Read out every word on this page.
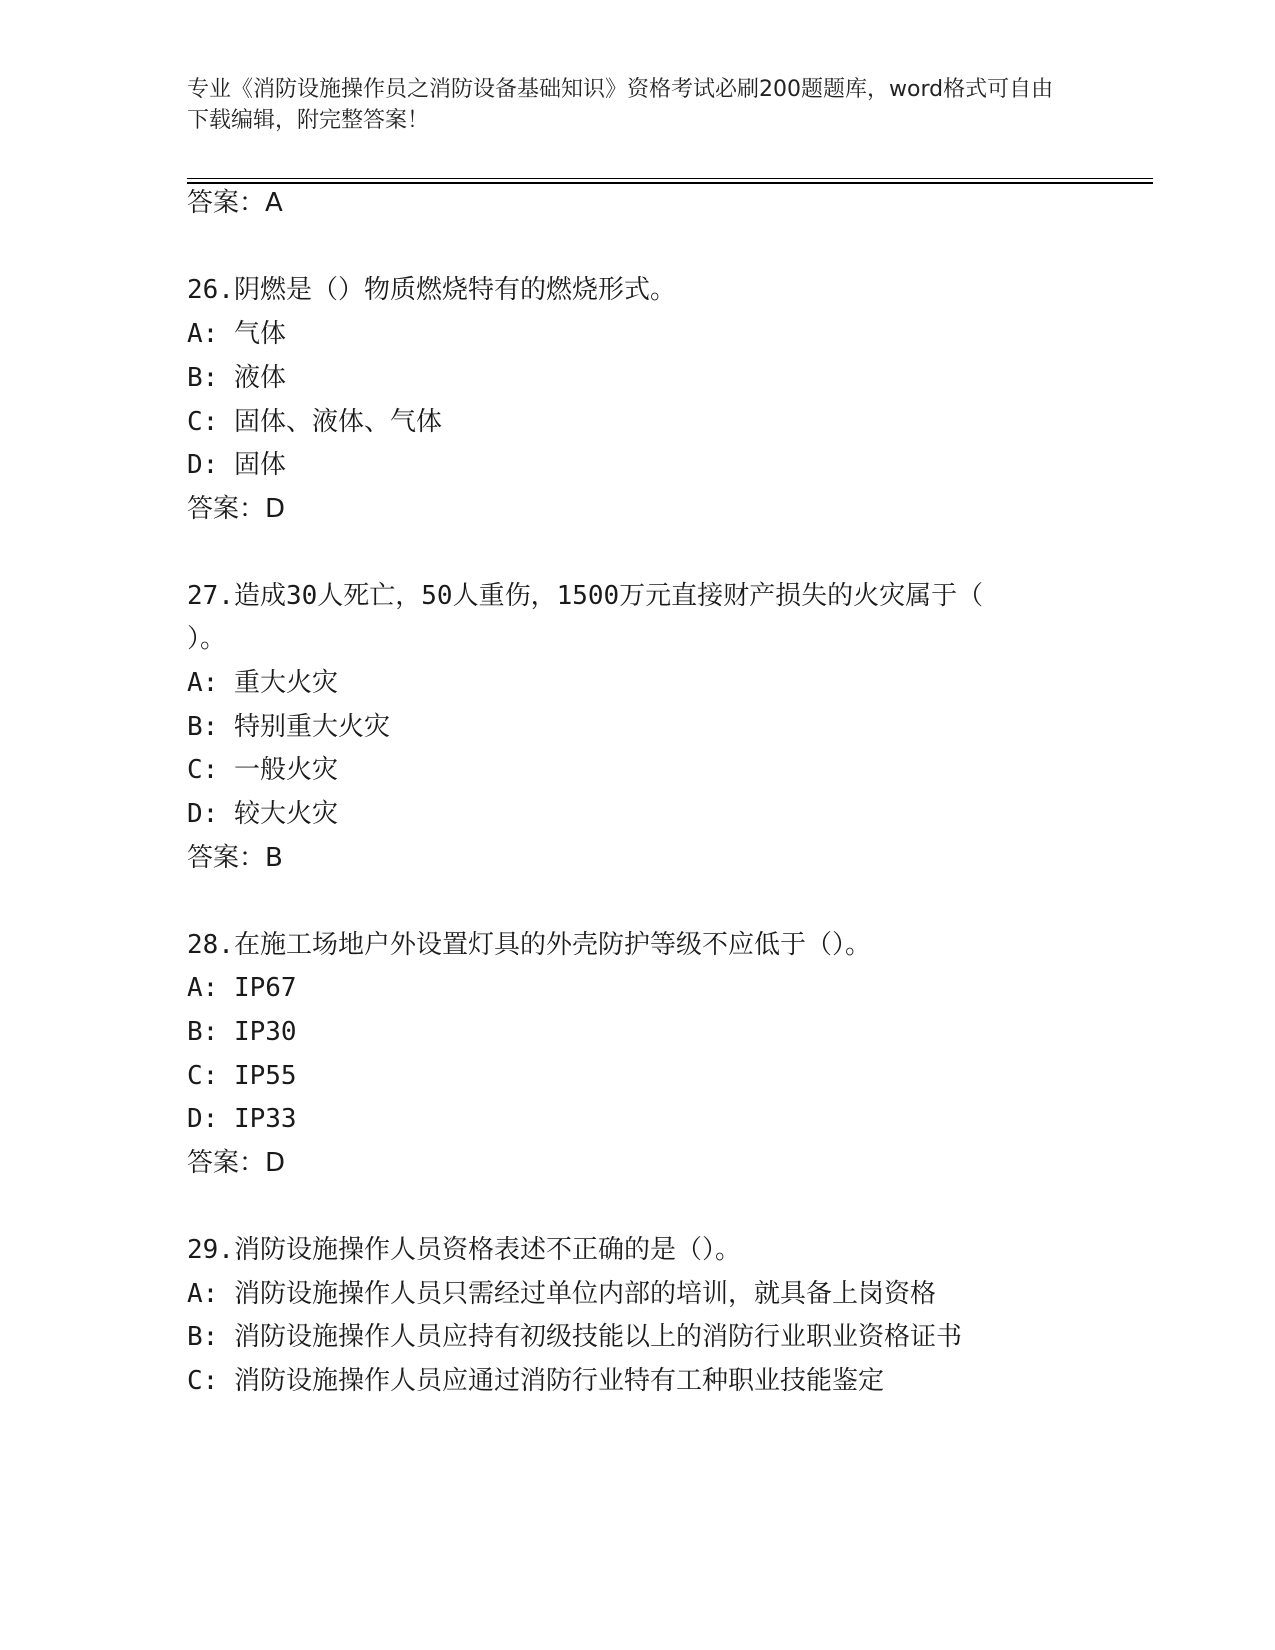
专业《消防设施操作员之消防设备基础知识》资格考试必刷200题题库，word格式可自由下载编辑，附完整答案！
答案：A
26.阴燃是（）物质燃烧特有的燃烧形式。
A: 气体
B: 液体
C: 固体、液体、气体
D: 固体
答案：D
27.造成30人死亡，50人重伤，1500万元直接财产损失的火灾属于（
）。
A: 重大火灾
B: 特别重大火灾
C: 一般火灾
D: 较大火灾
答案：B
28.在施工场地户外设置灯具的外壳防护等级不应低于（）。
A: IP67
B: IP30
C: IP55
D: IP33
答案：D
29.消防设施操作人员资格表述不正确的是（）。
A: 消防设施操作人员只需经过单位内部的培训，就具备上岗资格
B: 消防设施操作人员应持有初级技能以上的消防行业职业资格证书
C: 消防设施操作人员应通过消防行业特有工种职业技能鉴定
